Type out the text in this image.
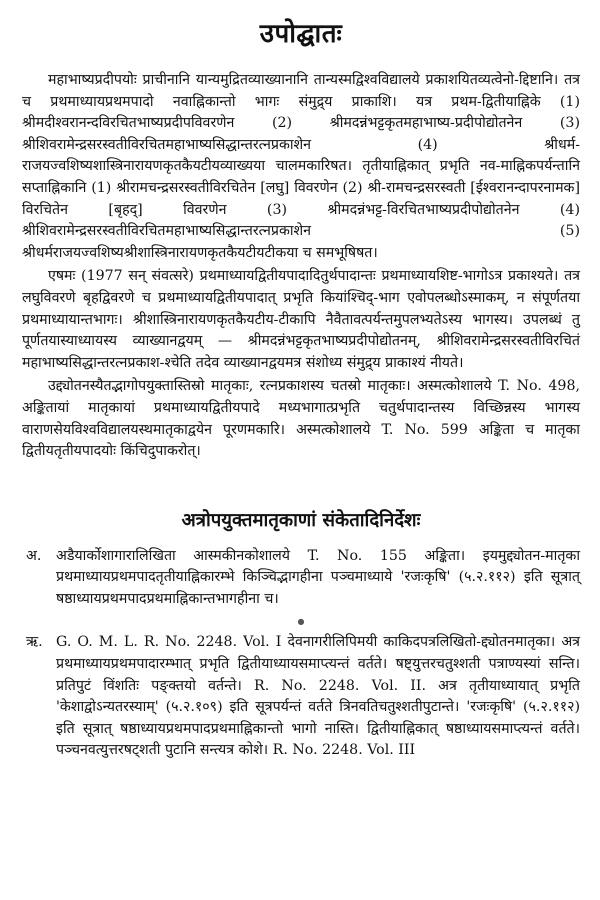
उपोद्घातः

महाभाष्यप्रदीपयोः प्राचीनानि यान्यमुद्रितव्याख्यानानि तान्यस्मद्विश्वविद्यालये प्रकाशयितव्यत्वेनो-द्दिष्टानि। तत्र च प्रथमाध्यायप्रथमपादो नवाह्निकान्तो भागः संमुद्र्य प्राकाशि। यत्र प्रथम-द्वितीयाह्निके (1) श्रीमदीश्वरानन्दविरचितभाष्यप्रदीपविवरणेन (2) श्रीमदन्नंभट्टकृतमहाभाष्य-प्रदीपोद्योतनेन (3) श्रीशिवरामेन्द्रसरस्वतीविरचितमहाभाष्यसिद्धान्तरत्नप्रकाशेन (4) श्रीधर्म-राजयज्वशिष्यशास्त्रिनारायणकृतकैयटीयव्याख्यया चालमकारिषत। तृतीयाह्निकात् प्रभृति नव-माह्निकपर्यन्तानि सप्ताह्निकानि (1) श्रीरामचन्द्रसरस्वतीविरचितेन [लघु] विवरणेन (2) श्री-रामचन्द्रसरस्वती [ईश्वरानन्दापरनामक] विरचितेन [बृहद्] विवरणेन (3) श्रीमदन्नंभट्ट-विरचितभाष्यप्रदीपोद्योतनेन (4) श्रीशिवरामेन्द्रसरस्वतीविरचितमहाभाष्यसिद्धान्तरत्नप्रकाशेन (5) श्रीधर्मराजयज्वशिष्यश्रीशास्त्रिनारायणकृतकैयटीयटीकया च समभूषिषत।

एषमः (1977 सन् संवत्सरे) प्रथमाध्यायद्वितीयपादादितुर्थपादान्तः प्रथमाध्यायशिष्ट-भागोऽत्र प्रकाश्यते। तत्र लघुविवरणे बृहद्विवरणे च प्रथमाध्यायद्वितीयपादात् प्रभृति कियांश्चिद्-भाग एवोपलब्धोऽस्माकम्, न संपूर्णतया प्रथमाध्यायान्तभागः। श्रीशास्त्रिनारायणकृतकैयटीय-टीकापि नैवैतावत्पर्यन्तमुपलभ्यतेऽस्य भागस्य। उपलब्धं तु पूर्णतयास्याध्यायस्य व्याख्यानद्वयम् — श्रीमदन्नंभट्टकृतभाष्यप्रदीपोद्योतनम्, श्रीशिवरामेन्द्रसरस्वतीविरचितं महाभाष्यसिद्धान्तरत्नप्रकाश-श्चेति तदेव व्याख्यानद्वयमत्र संशोध्य संमुद्र्य प्राकाश्यं नीयते।

उद्द्योतनस्यैतद्भागोपयुक्तास्तिस्रो मातृकाः, रत्नप्रकाशस्य चतस्रो मातृकाः। अस्मत्कोशालये T. No. 498, अङ्कितायां मातृकायां प्रथमाध्यायद्वितीयपादे मध्यभागात्प्रभृति चतुर्थपादान्तस्य विच्छिन्नस्य भागस्य वाराणसेयविश्वविद्यालयस्थमातृकाद्वयेन पूरणमकारि। अस्मत्कोशालये T. No. 599 अङ्किता च मातृका द्वितीयतृतीयपादयोः किंचिदुपाकरोत्।

अत्रोपयुक्तमातृकाणां संकेतादिनिर्देशः
अ. अडैयार्कोशागारालिखिता आस्मकीनकोशालये T. No. 155 अङ्किता। इयमुद्द्योतन-मातृका प्रथमाध्यायप्रथमपादतृतीयाह्निकारम्भे किञ्चिद्भागहीना पञ्चमाध्याये 'रजःकृषि' (५.२.११२) इति सूत्रात् षष्ठाध्यायप्रथमपादप्रथमाह्निकान्तभागहीना च।

●
ऋ. G. O. M. L. R. No. 2248. Vol. I देवनागरीलिपिमयी काकिदपत्रलिखितो-द्द्योतनमातृका। अत्र प्रथमाध्यायप्रथमपादारम्भात् प्रभृति द्वितीयाध्यायसमाप्त्यन्तं वर्तते। षष्ट्युत्तरचतुश्शती पत्राण्यस्यां सन्ति। प्रतिपुटं विंशतिः पङ्क्तयो वर्तन्ते। R. No. 2248. Vol. II. अत्र तृतीयाध्यायात् प्रभृति 'केशाद्वोऽन्यतरस्याम्' (५.२.१०९) इति सूत्रपर्यन्तं वर्तते त्रिनवतिचतुश्शतीपुटान्ते। 'रजःकृषि' (५.२.११२) इति सूत्रात् षष्ठाध्यायप्रथमपादप्रथमाह्निकान्तो भागो नास्ति। द्वितीयाह्निकात् षष्ठाध्यायसमाप्त्यन्तं वर्तते। पञ्चनवत्युत्तरषट्शती पुटानि सन्त्यत्र कोशे। R. No. 2248. Vol. III
